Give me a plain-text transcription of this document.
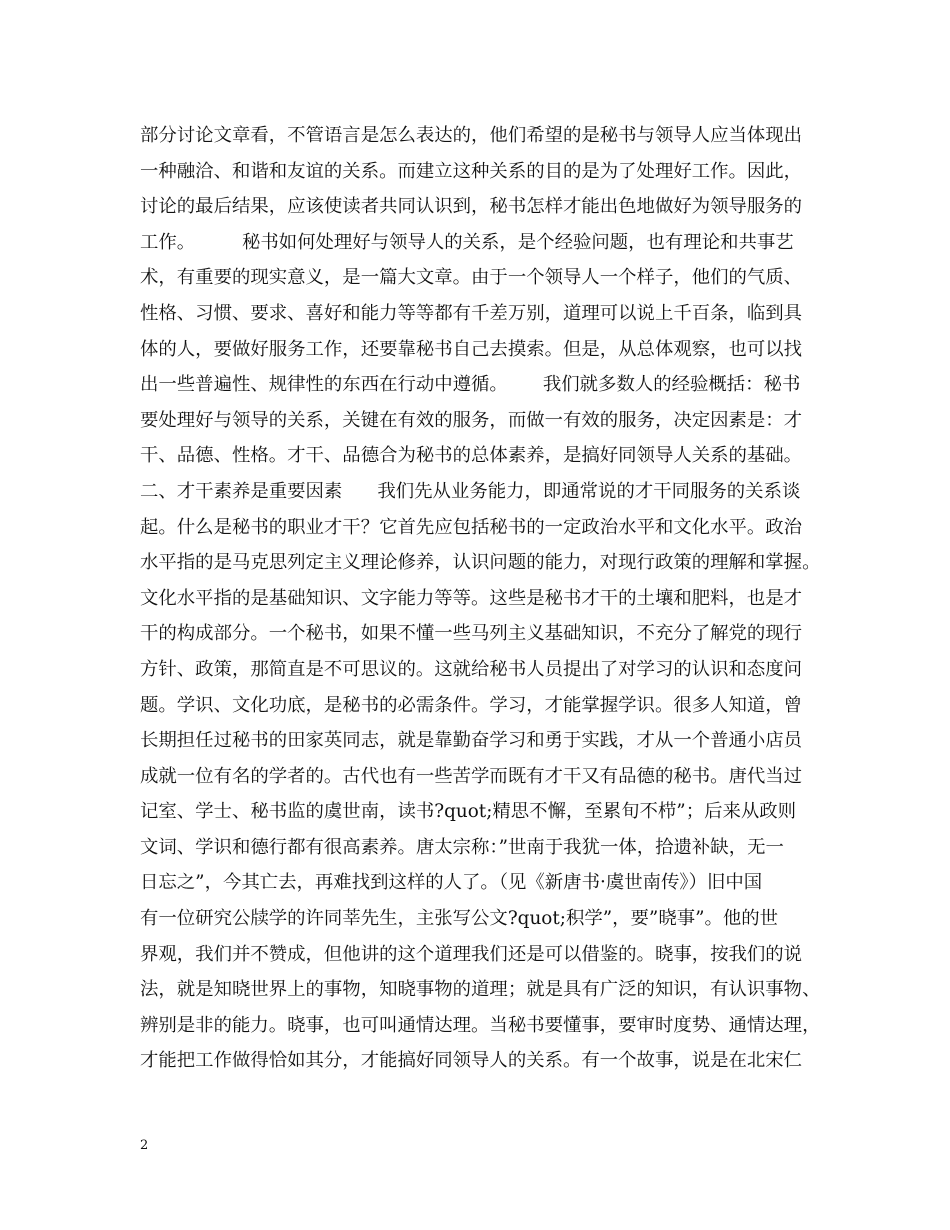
部分讨论文章看，不管语言是怎么表达的，他们希望的是秘书与领导人应当体现出
一种融洽、和谐和友谊的关系。而建立这种关系的目的是为了处理好工作。因此，
讨论的最后结果，应该使读者共同认识到，秘书怎样才能出色地做好为领导服务的
工作。        秘书如何处理好与领导人的关系，是个经验问题，也有理论和共事艺
术，有重要的现实意义，是一篇大文章。由于一个领导人一个样子，他们的气质、
性格、习惯、要求、喜好和能力等等都有千差万别，道理可以说上千百条，临到具
体的人，要做好服务工作，还要靠秘书自己去摸索。但是，从总体观察，也可以找
出一些普遍性、规律性的东西在行动中遵循。      我们就多数人的经验概括：秘书
要处理好与领导的关系，关键在有效的服务，而做一有效的服务，决定因素是：才
干、品德、性格。才干、品德合为秘书的总体素养，是搞好同领导人关系的基础。
二、才干素养是重要因素      我们先从业务能力，即通常说的才干同服务的关系谈
起。什么是秘书的职业才干？它首先应包括秘书的一定政治水平和文化水平。政治
水平指的是马克思列定主义理论修养，认识问题的能力，对现行政策的理解和掌握。
文化水平指的是基础知识、文字能力等等。这些是秘书才干的土壤和肥料，也是才
干的构成部分。一个秘书，如果不懂一些马列主义基础知识，不充分了解党的现行
方针、政策，那简直是不可思议的。这就给秘书人员提出了对学习的认识和态度问
题。学识、文化功底，是秘书的必需条件。学习，才能掌握学识。很多人知道，曾
长期担任过秘书的田家英同志，就是靠勤奋学习和勇于实践，才从一个普通小店员
成就一位有名的学者的。古代也有一些苦学而既有才干又有品德的秘书。唐代当过
记室、学士、秘书监的虞世南，读书?quot;精思不懈，至累旬不栉”；后来从政则
文词、学识和德行都有很高素养。唐太宗称：”世南于我犹一体，拾遗补缺，无一
日忘之”，今其亡去，再难找到这样的人了。（见《新唐书·虞世南传》）旧中国
有一位研究公牍学的许同莘先生，主张写公文?quot;积学”，要”晓事”。他的世
界观，我们并不赞成，但他讲的这个道理我们还是可以借鉴的。晓事，按我们的说
法，就是知晓世界上的事物，知晓事物的道理；就是具有广泛的知识，有认识事物、
辨别是非的能力。晓事，也可叫通情达理。当秘书要懂事，要审时度势、通情达理，
才能把工作做得恰如其分，才能搞好同领导人的关系。有一个故事，说是在北宋仁
2
